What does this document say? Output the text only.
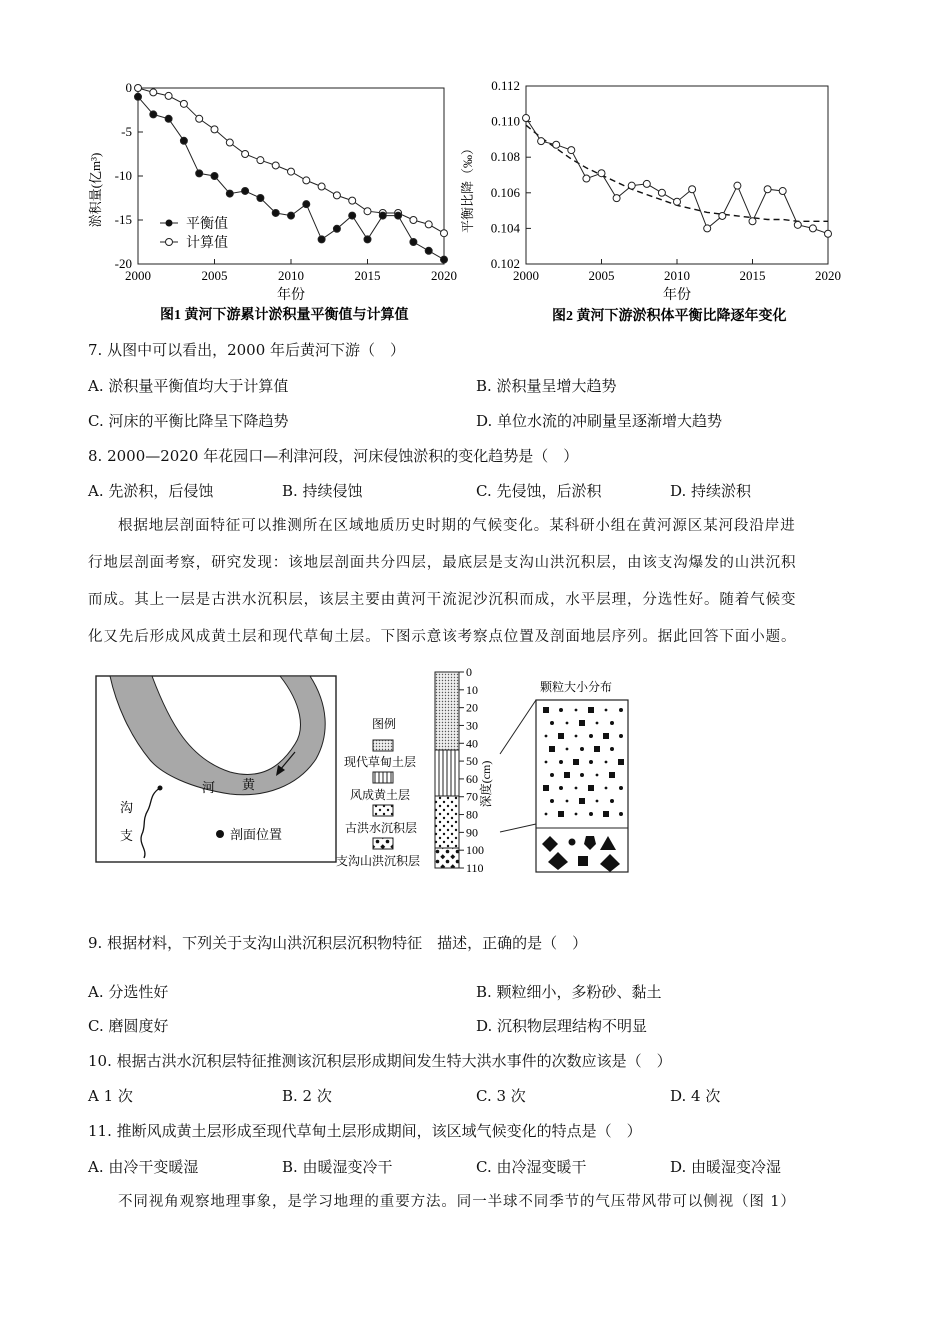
0
-5
-10
-15
-20
2000	2005	2010	2015	2020
平衡值
计算值
淤积量(亿m³)
年份
图1 黄河下游累计淤积量平衡值与计算值
0.102
0.104
0.106
0.108
0.110
0.112
2000	2005	2010	2015	2020
平衡比降（‰）
年份
图2 黄河下游淤积体平衡比降逐年变化
7. 从图中可以看出，2000 年后黄河下游（　）
A. 淤积量平衡值均大于计算值	B. 淤积量呈增大趋势
C. 河床的平衡比降呈下降趋势	D. 单位水流的冲刷量呈逐渐增大趋势
8. 2000—2020 年花园口—利津河段，河床侵蚀淤积的变化趋势是（　）
A. 先淤积，后侵蚀	B. 持续侵蚀	C. 先侵蚀，后淤积	D. 持续淤积
根据地层剖面特征可以推测所在区域地质历史时期的气候变化。某科研小组在黄河源区某河段沿岸进
行地层剖面考察，研究发现：该地层剖面共分四层，最底层是支沟山洪沉积层，由该支沟爆发的山洪沉积
而成。其上一层是古洪水沉积层，该层主要由黄河干流泥沙沉积而成，水平层理，分选性好。随着气候变
化又先后形成风成黄土层和现代草甸土层。下图示意该考察点位置及剖面地层序列。据此回答下面小题。
河 黄
沟
支	剖面位置
图例
现代草甸土层
风成黄土层
古洪水沉积层
支沟山洪沉积层
0
10
20
30
40
50
60
70
80
90
100
110
深度(cm)
颗粒大小分布
9. 根据材料，下列关于支沟山洪沉积层沉积物特征　描述，正确的是（　）
A. 分选性好	B. 颗粒细小，多粉砂、黏土
C. 磨圆度好	D. 沉积物层理结构不明显
10. 根据古洪水沉积层特征推测该沉积层形成期间发生特大洪水事件的次数应该是（　）
A 1 次	B. 2 次	C. 3 次	D. 4 次
11. 推断风成黄土层形成至现代草甸土层形成期间，该区域气候变化的特点是（　）
A. 由冷干变暖湿	B. 由暖湿变冷干	C. 由冷湿变暖干	D. 由暖湿变冷湿
不同视角观察地理事象，是学习地理的重要方法。同一半球不同季节的气压带风带可以侧视（图 1）
